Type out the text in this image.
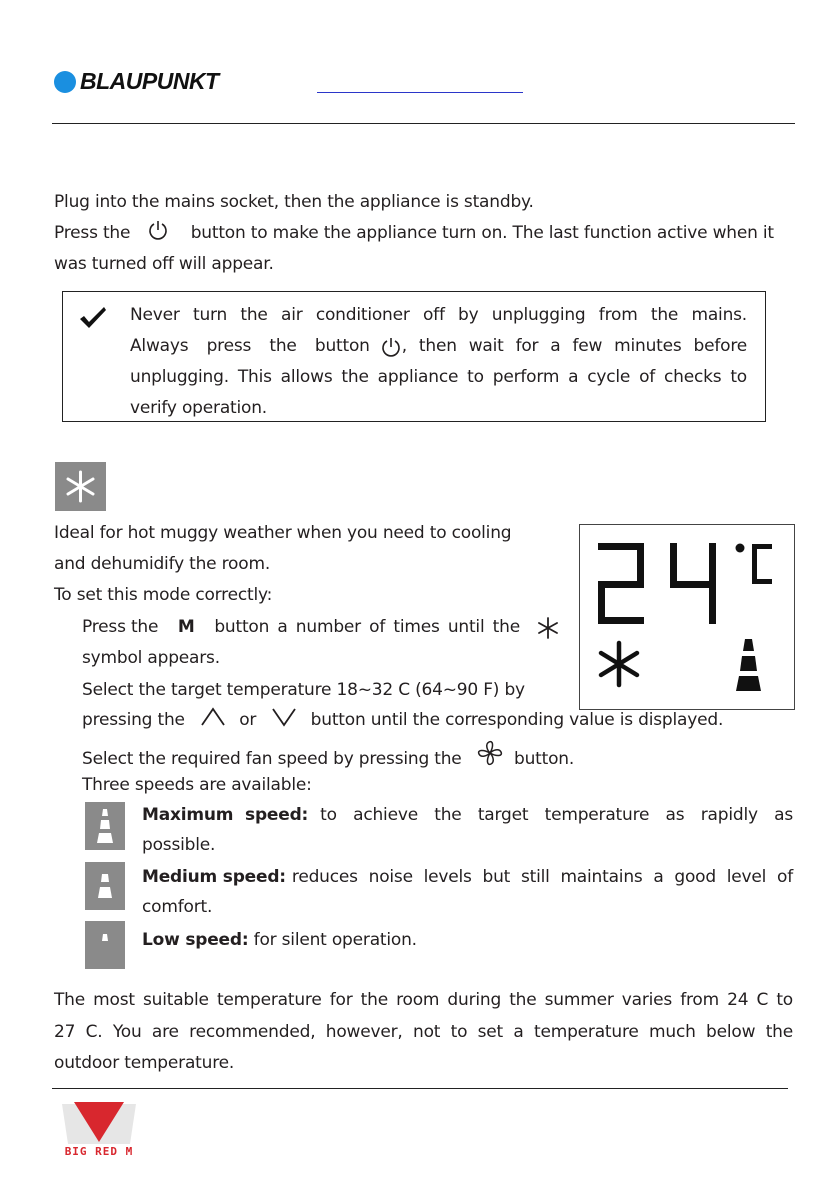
BLAUPUNKT
Plug into the mains socket, then the appliance is standby.
Press the	button to make the appliance turn on. The last function active when it
was turned off will appear.
Never turn the air conditioner off by unplugging from the mains.
Always press the button , then wait for a few minutes before
unplugging. This allows the appliance to perform a cycle of checks to
verify operation.
Ideal for hot muggy weather when you need to cooling
and dehumidify the room.
To set this mode correctly:
Press the M button a number of times until the
symbol appears.
Select the target temperature 18~32 C (64~90 F) by
pressing the	or	button until the corresponding value is displayed.
Select the required fan speed by pressing the	button.
Three speeds are available:
Maximum speed: to achieve the target temperature as rapidly as
possible.
Medium speed: reduces noise levels but still maintains a good level of
comfort.
Low speed: for silent operation.
The most suitable temperature for the room during the summer varies from 24 C to
27 C. You are recommended, however, not to set a temperature much below the
outdoor temperature.
BIG RED M
